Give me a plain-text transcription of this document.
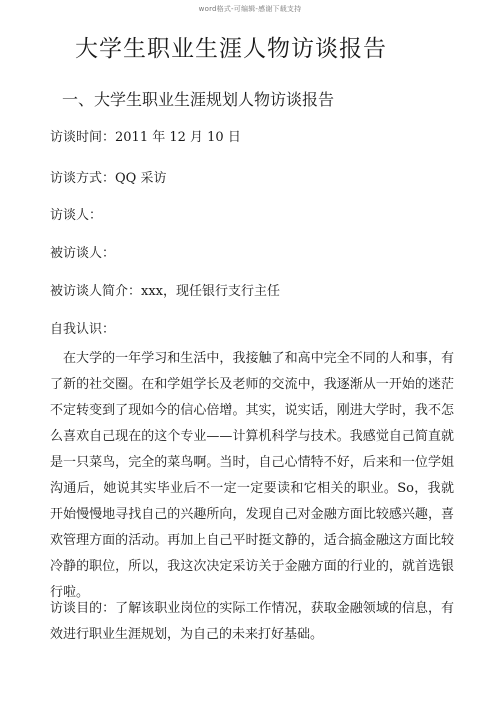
word格式-可编辑-感谢下载支持
大学生职业生涯人物访谈报告
一、大学生职业生涯规划人物访谈报告
访谈时间：2011 年 12 月 10 日
访谈方式：QQ 采访
访谈人：
被访谈人：
被访谈人简介：xxx，现任银行支行主任
自我认识：

在大学的一年学习和生活中，我接触了和高中完全不同的人和事，有了新的社交圈。在和学姐学长及老师的交流中，我逐渐从一开始的迷茫不定转变到了现如今的信心倍增。其实，说实话，刚进大学时，我不怎么喜欢自己现在的这个专业——计算机科学与技术。我感觉自己简直就是一只菜鸟，完全的菜鸟啊。当时，自己心情特不好，后来和一位学姐沟通后，她说其实毕业后不一定一定要读和它相关的职业。So，我就开始慢慢地寻找自己的兴趣所向，发现自己对金融方面比较感兴趣，喜欢管理方面的活动。再加上自己平时挺文静的，适合搞金融这方面比较冷静的职位，所以，我这次决定采访关于金融方面的行业的，就首选银行啦。

访谈目的：了解该职业岗位的实际工作情况，获取金融领域的信息，有效进行职业生涯规划，为自己的未来打好基础。
